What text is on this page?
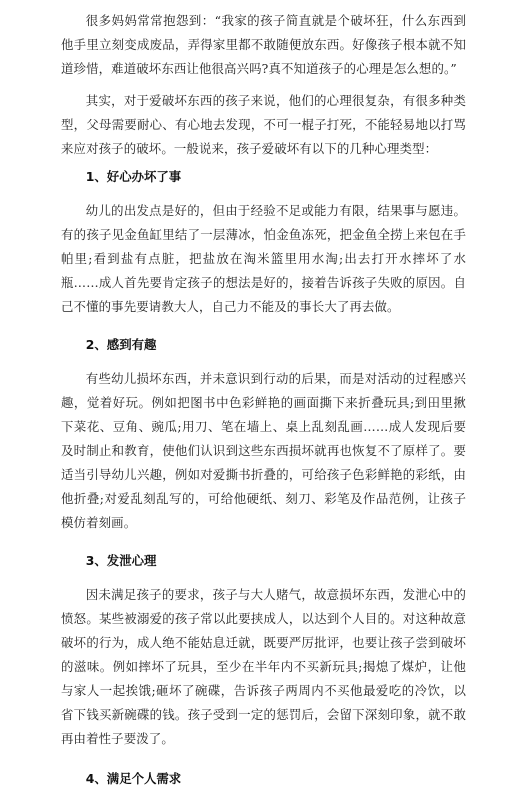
很多妈妈常常抱怨到：“我家的孩子简直就是个破坏狂，什么东西到他手里立刻变成废品，弄得家里都不敢随便放东西。好像孩子根本就不知道珍惜，难道破坏东西让他很高兴吗?真不知道孩子的心理是怎么想的。”

其实，对于爱破坏东西的孩子来说，他们的心理很复杂，有很多种类型，父母需要耐心、有心地去发现，不可一棍子打死，不能轻易地以打骂来应对孩子的破坏。一般说来，孩子爱破坏有以下的几种心理类型：

1、好心办坏了事

幼儿的出发点是好的，但由于经验不足或能力有限，结果事与愿违。有的孩子见金鱼缸里结了一层薄冰，怕金鱼冻死，把金鱼全捞上来包在手帕里;看到盐有点脏，把盐放在淘米篮里用水淘;出去打开水摔坏了水瓶……成人首先要肯定孩子的想法是好的，接着告诉孩子失败的原因。自己不懂的事先要请教大人，自己力不能及的事长大了再去做。

2、感到有趣

有些幼儿损坏东西，并未意识到行动的后果，而是对活动的过程感兴趣，觉着好玩。例如把图书中色彩鲜艳的画面撕下来折叠玩具;到田里揪下菜花、豆角、豌瓜;用刀、笔在墙上、桌上乱刻乱画……成人发现后要及时制止和教育，使他们认识到这些东西损坏就再也恢复不了原样了。要适当引导幼儿兴趣，例如对爱撕书折叠的，可给孩子色彩鲜艳的彩纸，由他折叠;对爱乱刻乱写的，可给他硬纸、刻刀、彩笔及作品范例，让孩子模仿着刻画。

3、发泄心理

因未满足孩子的要求，孩子与大人赌气，故意损坏东西，发泄心中的愤怒。某些被溺爱的孩子常以此要挟成人，以达到个人目的。对这种故意破坏的行为，成人绝不能姑息迁就，既要严厉批评，也要让孩子尝到破坏的滋味。例如摔坏了玩具，至少在半年内不买新玩具;揭熄了煤炉，让他与家人一起挨饿;砸坏了碗碟，告诉孩子两周内不买他最爱吃的冷饮，以省下钱买新碗碟的钱。孩子受到一定的惩罚后，会留下深刻印象，就不敢再由着性子要泼了。

4、满足个人需求
